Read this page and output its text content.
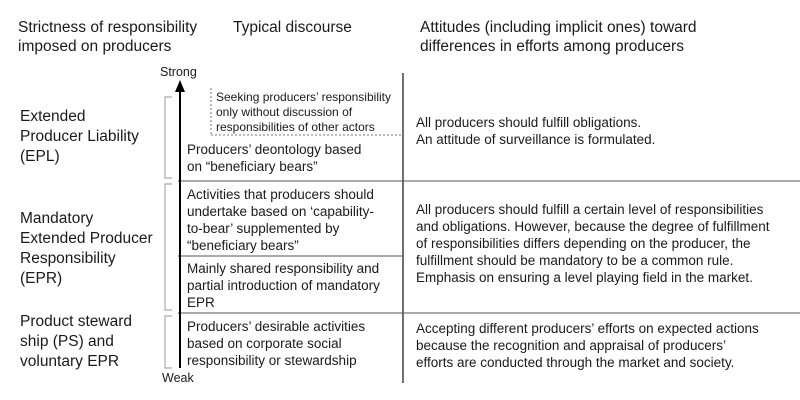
Strictness of responsibility
imposed on producers
Typical discourse	Attitudes (including implicit ones) toward
differences in efforts among producers
Strong
Weak
Extended
Producer Liability
(EPL)
Seeking producers’ responsibility
only without discussion of
responsibilities of other actors
Producers’ deontology based
on “beneficiary bears”
All producers should fulfill obligations.
An attitude of surveillance is formulated.
Mandatory
Extended Producer
Responsibility
(EPR)
Activities that producers should
undertake based on ‘capability-
to-bear’ supplemented by
“beneficiary bears”
Mainly shared responsibility and
partial introduction of mandatory
EPR
All producers should fulfill a certain level of responsibilities
and obligations. However, because the degree of fulfillment
of responsibilities differs depending on the producer, the
fulfillment should be mandatory to be a common rule.
Emphasis on ensuring a level playing field in the market.
Product steward
ship (PS) and
voluntary EPR
Producers’ desirable activities
based on corporate social
responsibility or stewardship
Accepting different producers’ efforts on expected actions
because the recognition and appraisal of producers’
efforts are conducted through the market and society.
